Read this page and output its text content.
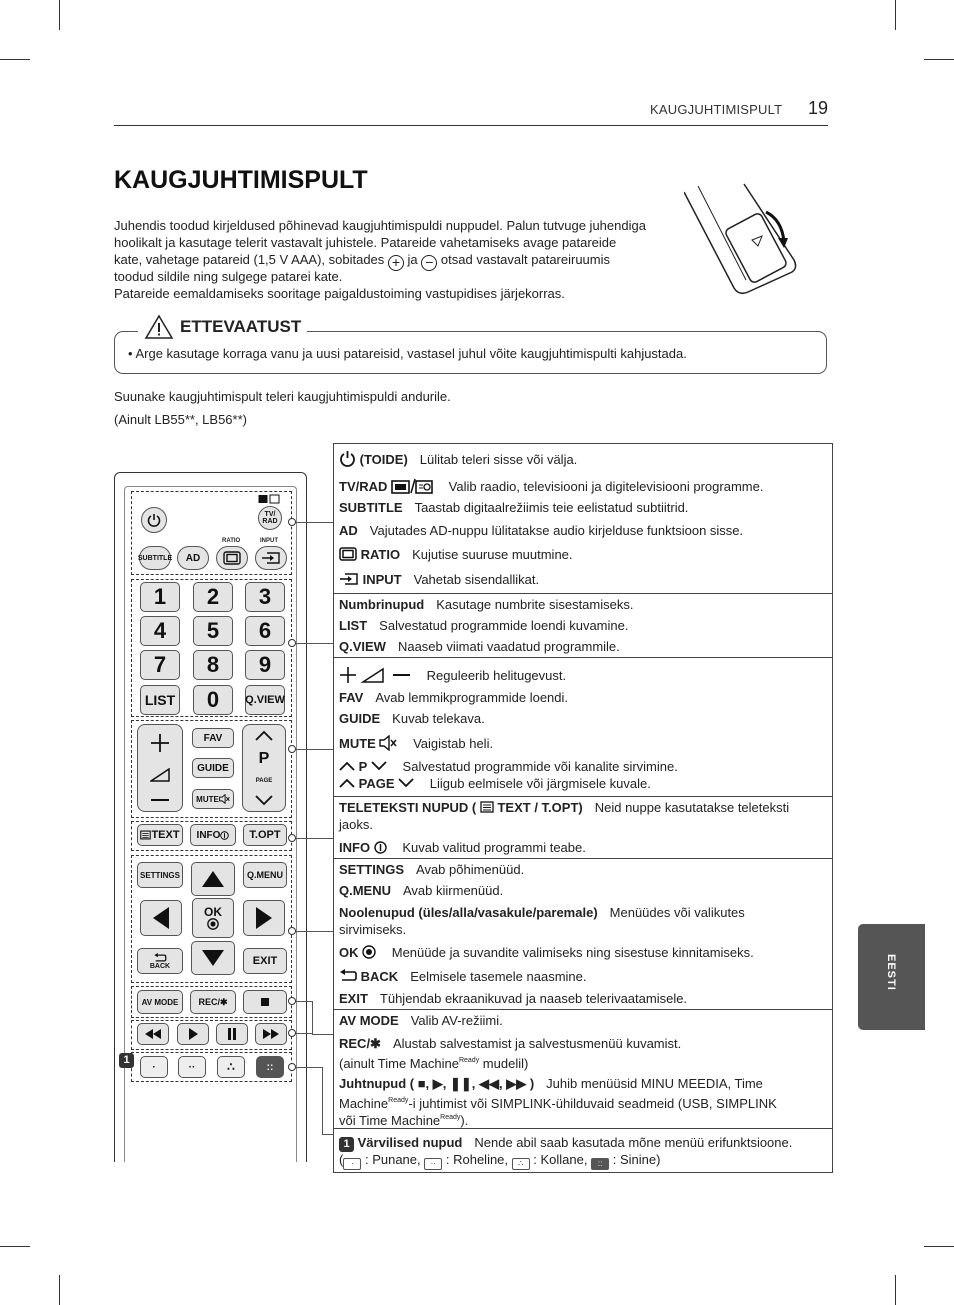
KAUGJUHTIMISPULT 19
KAUGJUHTIMISPULT
Juhendis toodud kirjeldused põhinevad kaugjuhtimispuldi nuppudel. Palun tutvuge juhendiga
hoolikalt ja kasutage telerit vastavalt juhistele. Patareide vahetamiseks avage patareide
kate, vahetage patareid (1,5 V AAA), sobitades + ja − otsad vastavalt patareiruumis
toodud sildile ning sulgege patarei kate.
Patareide eemaldamiseks sooritage paigaldustoiming vastupidises järjekorras.
ETTEVAATUST
• Arge kasutage korraga vanu ja uusi patareisid, vastasel juhul võite kaugjuhtimispulti kahjustada.
Suunake kaugjuhtimispult teleri kaugjuhtimispuldi andurile.
(Ainult LB55**, LB56**)
(TOIDE) Lülitab teleri sisse või välja.
TV/RAD	Valib raadio, televisiooni ja digitelevisiooni programme.
SUBTITLE Taastab digitaalrežiimis teie eelistatud subtiitrid.
AD Vajutades AD-nuppu lülitatakse audio kirjelduse funktsioon sisse.
RATIO Kujutise suuruse muutmine.
INPUT Vahetab sisendallikat.
Numbrinupud Kasutage numbrite sisestamiseks.
LIST Salvestatud programmide loendi kuvamine.
Q.VIEW Naaseb viimati vaadatud programmile.
Reguleerib helitugevust.
FAV Avab lemmikprogrammide loendi.
GUIDE Kuvab telekava.
MUTE	Vaigistab heli.
P	Salvestatud programmide või kanalite sirvimine.
PAGE	Liigub eelmisele või järgmisele kuvale.
TELETEKSTI NUPUD ( TEXT / T.OPT) Neid nuppe kasutatakse teleteksti
jaoks.
INFO Kuvab valitud programmi teabe.
SETTINGS Avab põhimenüüd.
Q.MENU Avab kiirmenüüd.
Noolenupud (üles/alla/vasakule/paremale) Menüüdes või valikutes
sirvimiseks.
OK	Menüüde ja suvandite valimiseks ning sisestuse kinnitamiseks.
BACK Eelmisele tasemele naasmine.
EXIT Tühjendab ekraanikuvad ja naaseb telerivaatamisele.
AV MODE Valib AV-režiimi.
REC/✱ Alustab salvestamist ja salvestusmenüü kuvamist.
(ainult Time Machine$^{Ready}$ mudelil)
Juhtnupud ( ■, ▶, ❚❚, ◀◀, ▶▶ ) Juhib menüüsid MINU MEEDIA, Time
Machine$^{Ready}$-i juhtimist või SIMPLINK-ühilduvaid seadmeid (USB, SIMPLINK
või Time Machine$^{Ready}$).
1 Värvilised nupud Nende abil saab kasutada mõne menüü erifunktsioone.
( · : Punane, ·· : Roheline, ∴ : Kollane, :: : Sinine)
TV/ RAD
RATIO	INPUT
SUBTITLE	AD
1	2	3
4	5	6
7	8	9
LIST	0	Q.VIEW
FAV
GUIDE
MUTE
P
PAGE
TEXT INFO	T.OPT
SETTINGS	Q.MENU
OK
BACK	EXIT
AV MODE	REC/✱
1
·	··	∴	::
EESTI
